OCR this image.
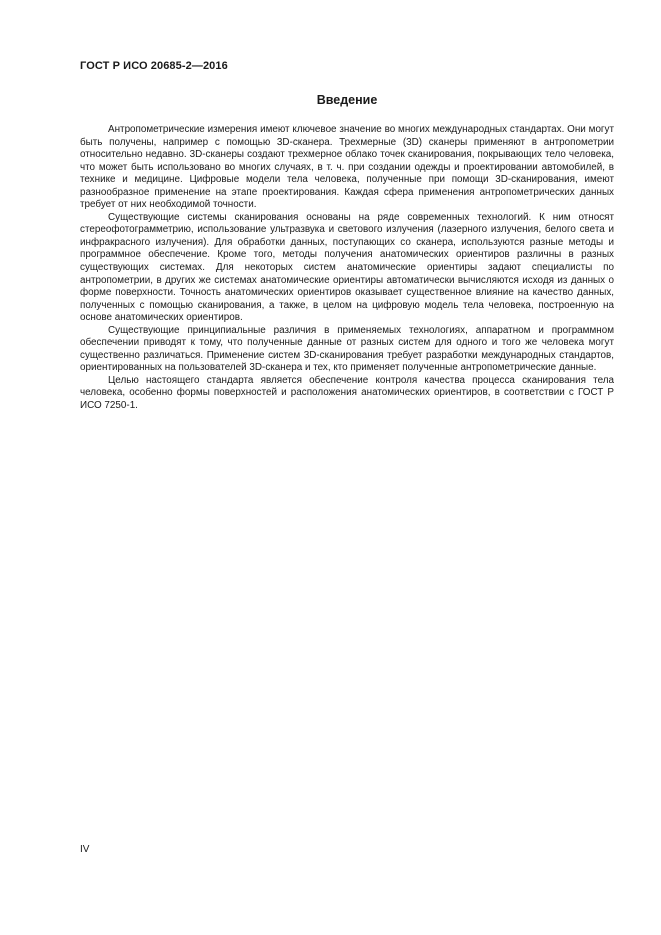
ГОСТ Р ИСО 20685-2—2016
Введение

Антропометрические измерения имеют ключевое значение во многих международных стандартах. Они могут быть получены, например с помощью 3D-сканера. Трехмерные (3D) сканеры применяют в антропометрии относительно недавно. 3D-сканеры создают трехмерное облако точек сканирования, покрывающих тело человека, что может быть использовано во многих случаях, в т. ч. при создании одежды и проектировании автомобилей, в технике и медицине. Цифровые модели тела человека, полученные при помощи 3D-сканирования, имеют разнообразное применение на этапе проектирования. Каждая сфера применения антропометрических данных требует от них необходимой точности.

Существующие системы сканирования основаны на ряде современных технологий. К ним относят стереофотограмметрию, использование ультразвука и светового излучения (лазерного излучения, белого света и инфракрасного излучения). Для обработки данных, поступающих со сканера, используются разные методы и программное обеспечение. Кроме того, методы получения анатомических ориентиров различны в разных существующих системах. Для некоторых систем анатомические ориентиры задают специалисты по антропометрии, в других же системах анатомические ориентиры автоматически вычисляются исходя из данных о форме поверхности. Точность анатомических ориентиров оказывает существенное влияние на качество данных, полученных с помощью сканирования, а также, в целом на цифровую модель тела человека, построенную на основе анатомических ориентиров.

Существующие принципиальные различия в применяемых технологиях, аппаратном и программном обеспечении приводят к тому, что полученные данные от разных систем для одного и того же человека могут существенно различаться. Применение систем 3D-сканирования требует разработки международных стандартов, ориентированных на пользователей 3D-сканера и тех, кто применяет полученные антропометрические данные.

Целью настоящего стандарта является обеспечение контроля качества процесса сканирования тела человека, особенно формы поверхностей и расположения анатомических ориентиров, в соответствии с ГОСТ Р ИСО 7250-1.

IV
